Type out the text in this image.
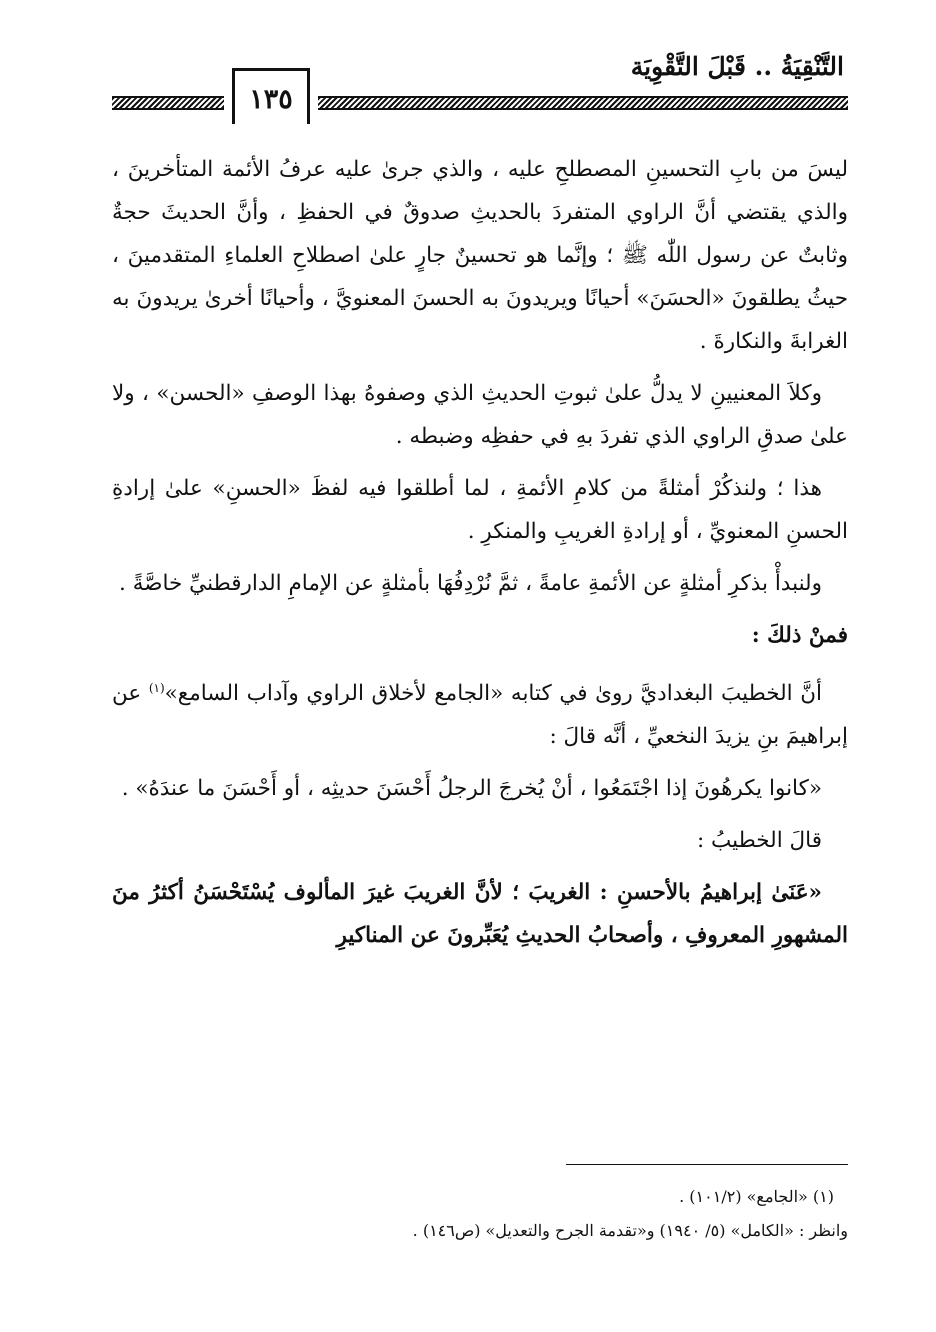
التَّنْقِيَةُ .. قَبْلَ التَّقْوِيَة
١٣٥

ليسَ من بابِ التحسينِ المصطلحِ عليه ، والذي جرىٰ عليه عرفُ الأئمة المتأخرينَ ، والذي يقتضي أنَّ الراوي المتفردَ بالحديثِ صدوقٌ في الحفظِ ، وأنَّ الحديثَ حجةٌ وثابتٌ عن رسول اللّٰه ﷺ ؛ وإنَّما هو تحسينٌ جارٍ علىٰ اصطلاحِ العلماءِ المتقدمينَ ، حيثُ يطلقونَ «الحسَنَ» أحيانًا ويريدونَ به الحسنَ المعنويَّ ، وأحيانًا أخرىٰ يريدونَ به الغرابةَ والنكارةَ .

وكلاَ المعنيينِ لا يدلُّ علىٰ ثبوتِ الحديثِ الذي وصفوهُ بهذا الوصفِ «الحسن» ، ولا علىٰ صدقِ الراوي الذي تفردَ بهِ في حفظِه وضبطه .

هذا ؛ ولنذكُرْ أمثلةً من كلامِ الأئمةِ ، لما أطلقوا فيه لفظَ «الحسنِ» علىٰ إرادةِ الحسنِ المعنويِّ ، أو إرادةِ الغريبِ والمنكرِ .

ولنبدأْ بذكرِ أمثلةٍ عن الأئمةِ عامةً ، ثمَّ نُرْدِفُهَا بأمثلةٍ عن الإمامِ الدارقطنيِّ خاصَّةً .

فمنْ ذلكَ :

أنَّ الخطيبَ البغداديَّ روىٰ في كتابه «الجامع لأخلاق الراوي وآداب السامع»$^{(١)}$ عن إبراهيمَ بنِ يزيدَ النخعيِّ ، أنَّه قالَ :

«كانوا يكرهُونَ إذا اجْتَمَعُوا ، أنْ يُخرجَ الرجلُ أَحْسَنَ حديثِه ، أو أَحْسَنَ ما عندَهُ» .

قالَ الخطيبُ :

«عَنَىٰ إبراهيمُ بالأحسنِ : الغريبَ ؛ لأنَّ الغريبَ غيرَ المألوف يُسْتَحْسَنُ أكثرُ منَ المشهورِ المعروفِ ، وأصحابُ الحديثِ يُعَبِّرونَ عن المناكيرِ

(١) «الجامع» (١٠١/٢) .
وانظر : «الكامل» (٥/ ١٩٤٠) و«تقدمة الجرح والتعديل» (ص١٤٦) .
